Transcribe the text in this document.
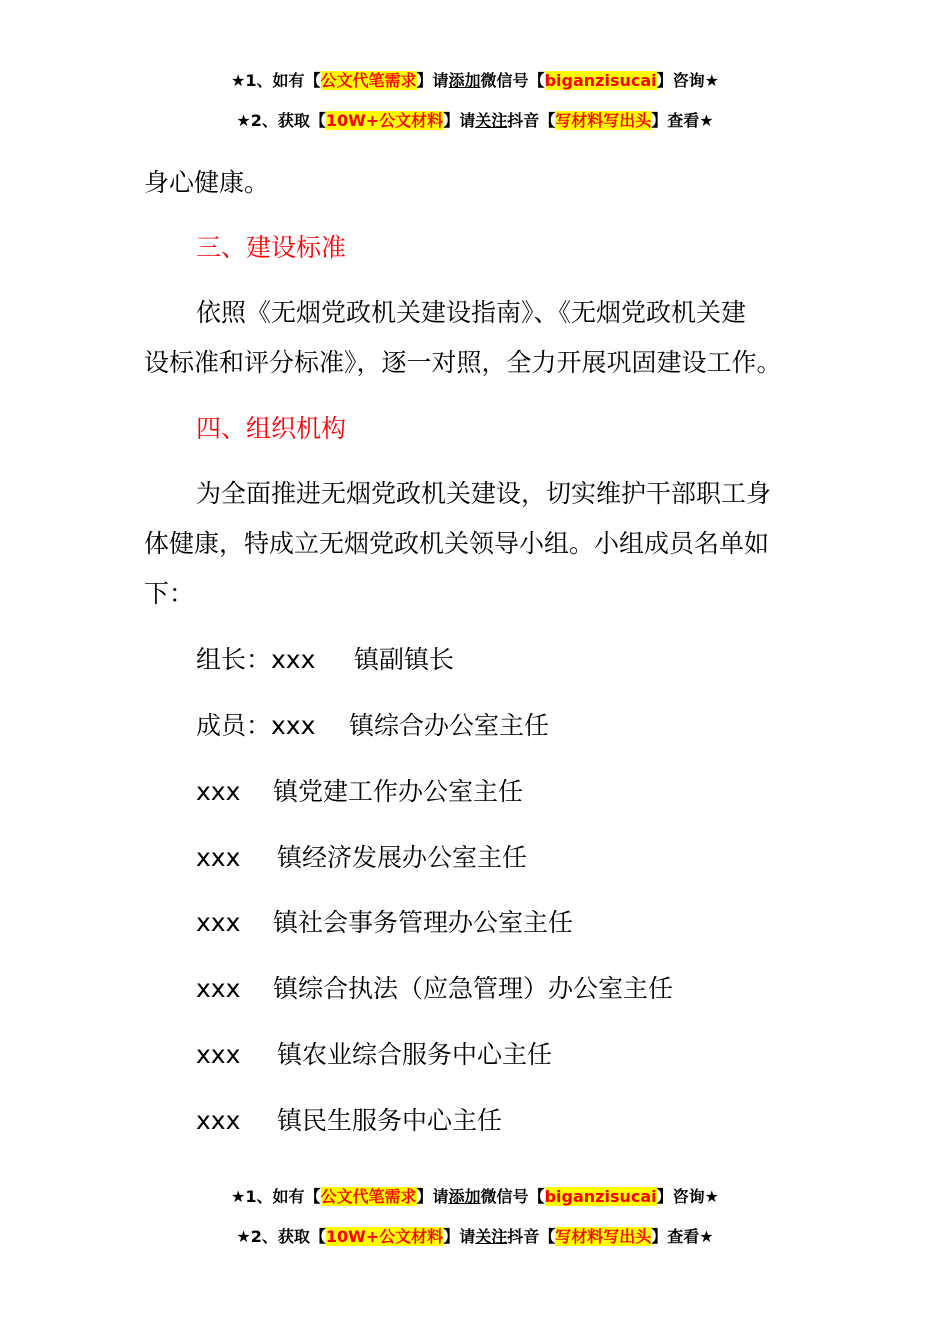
★1、如有【公文代笔需求】请添加微信号【biganzisucai】咨询★
★2、获取【10W+公文材料】请关注抖音【写材料写出头】查看★
身心健康。
三、建设标准
依照《无烟党政机关建设指南》、《无烟党政机关建
设标准和评分标准》，逐一对照，全力开展巩固建设工作。
四、组织机构
为全面推进无烟党政机关建设，切实维护干部职工身
体健康，特成立无烟党政机关领导小组。小组成员名单如
下：
组长：xxx 镇副镇长
成员：xxx 镇综合办公室主任
xxx 镇党建工作办公室主任
xxx 镇经济发展办公室主任
xxx 镇社会事务管理办公室主任
xxx 镇综合执法（应急管理）办公室主任
xxx 镇农业综合服务中心主任
xxx 镇民生服务中心主任
★1、如有【公文代笔需求】请添加微信号【biganzisucai】咨询★
★2、获取【10W+公文材料】请关注抖音【写材料写出头】查看★
